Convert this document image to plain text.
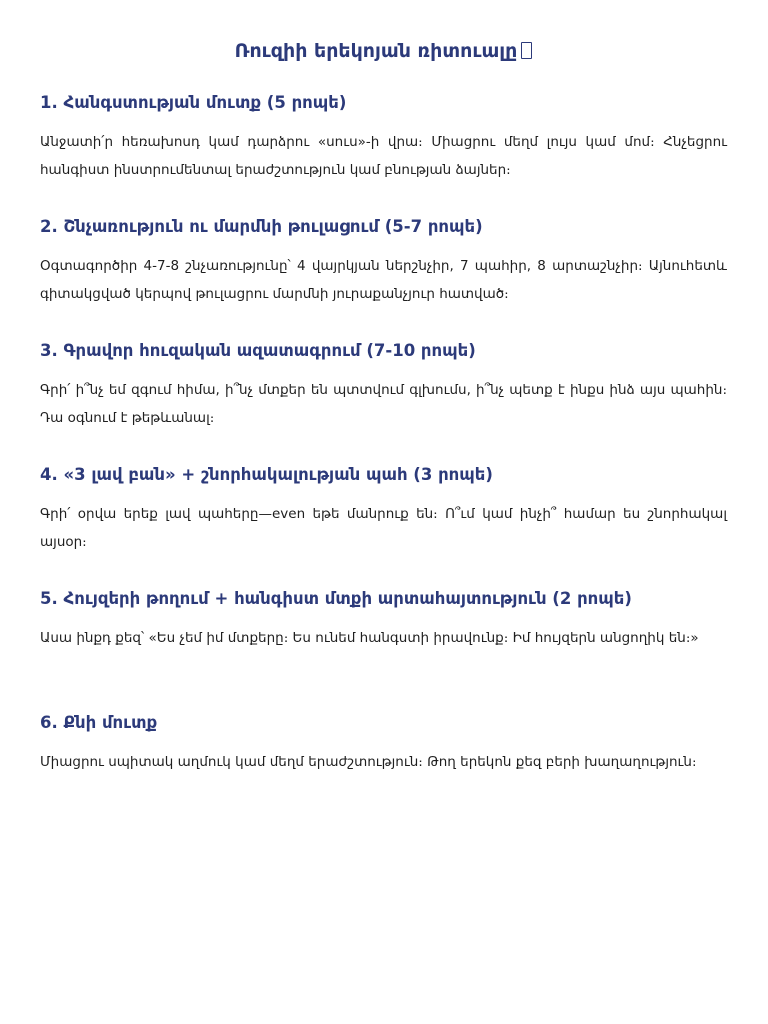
Ռուզիի երեկոյան ռիտուալը
1. Հանգստության մուտք (5 րոպե)

Անջատի՛ր հեռախոսդ կամ դարձրու «սուս»-ի վրա։ Միացրու մեղմ լույս կամ մոմ։ Հնչեցրու հանգիստ ինստրումենտալ երաժշտություն կամ բնության ձայներ։

2. Շնչառություն ու մարմնի թուլացում (5-7 րոպե)

Օգտագործիր 4-7-8 շնչառությունը՝ 4 վայրկյան ներշնչիր, 7 պահիր, 8 արտաշնչիր։ Այնուհետև գիտակցված կերպով թուլացրու մարմնի յուրաքանչյուր հատված։

3. Գրավոր հուզական ազատագրում (7-10 րոպե)

Գրի՛ ի՞նչ եմ զգում հիմա, ի՞նչ մտքեր են պտտվում գլխումս, ի՞նչ պետք է ինքս ինձ այս պահին։ Դա օգնում է թեթևանալ։

4. «3 լավ բան» + շնորհակալության պահ (3 րոպե)

Գրի՛ օրվա երեք լավ պահերը—even եթե մանրուք են։ Ո՞ւմ կամ ինչի՞ համար ես շնորհակալ այսօր։

5. Հույզերի թողում + հանգիստ մտքի արտահայտություն (2 րոպե)

Ասա ինքդ քեզ՝ «Ես չեմ իմ մտքերը։ Ես ունեմ հանգստի իրավունք։ Իմ հույզերն անցողիկ են։»

6. Քնի մուտք

Միացրու սպիտակ աղմուկ կամ մեղմ երաժշտություն։ Թող երեկոն քեզ բերի խաղաղություն։
